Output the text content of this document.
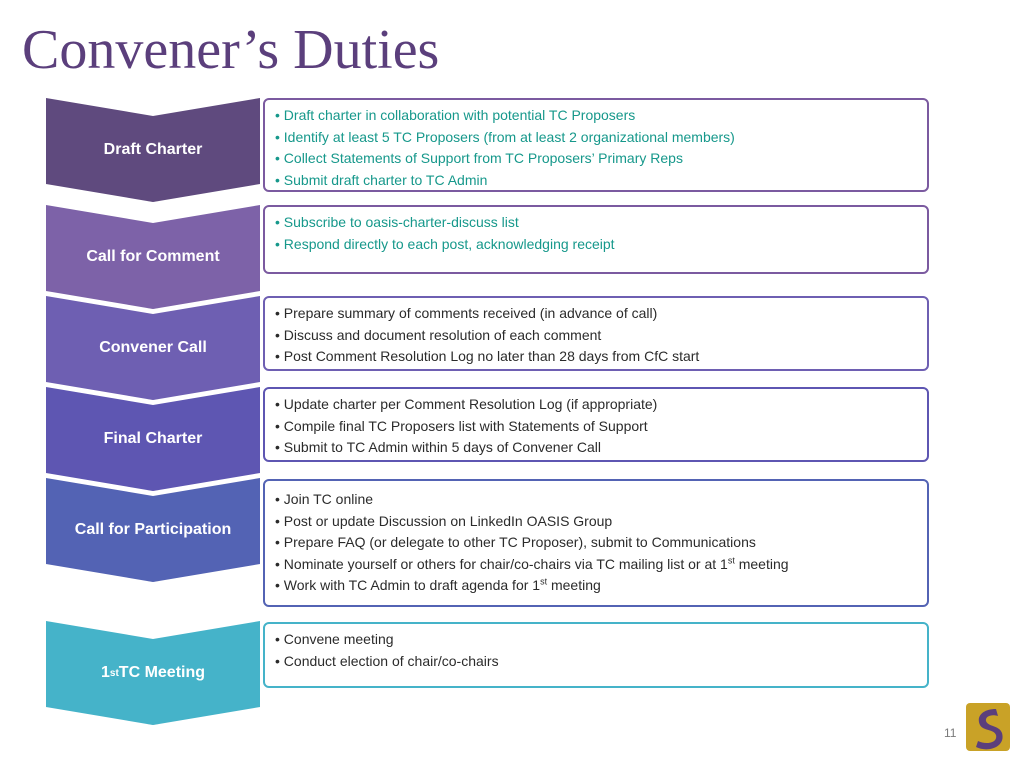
Convener’s Duties
Draft Charter
• Draft charter in collaboration with potential TC Proposers
• Identify at least 5 TC Proposers (from at least 2 organizational members)
• Collect Statements of Support from TC Proposers’ Primary Reps
• Submit draft charter to TC Admin
Call for Comment
• Subscribe to oasis-charter-discuss list
• Respond directly to each post, acknowledging receipt
Convener Call
• Prepare summary of comments received (in advance of call)
• Discuss and document resolution of each comment
• Post Comment Resolution Log no later than 28 days from CfC start
Final Charter
• Update charter per Comment Resolution Log (if appropriate)
• Compile final TC Proposers list with Statements of Support
• Submit to TC Admin within 5 days of Convener Call
Call for Participation
• Join TC online
• Post or update Discussion on LinkedIn OASIS Group
• Prepare FAQ (or delegate to other TC Proposer), submit to Communications
• Nominate yourself or others for chair/co-chairs via TC mailing list or at 1st meeting
• Work with TC Admin to draft agenda for 1st meeting
1 st TC Meeting
• Convene meeting
• Conduct election of chair/co-chairs
11
